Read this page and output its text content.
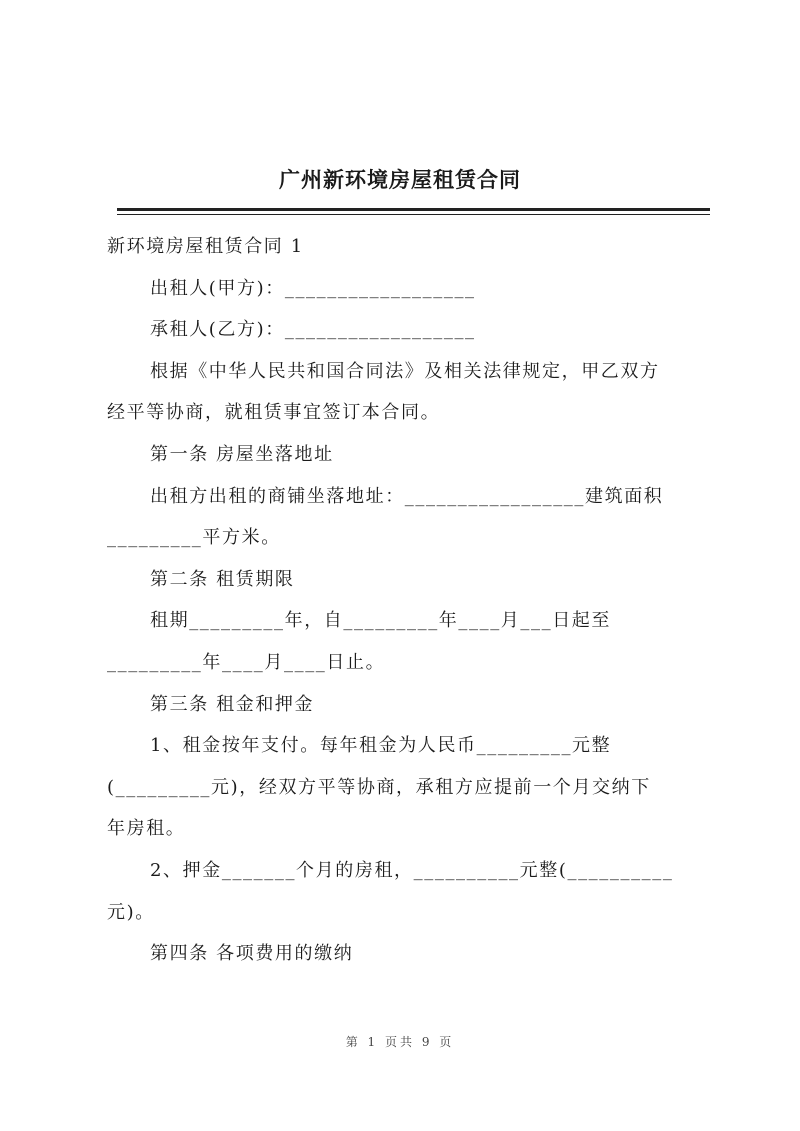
广州新环境房屋租赁合同
新环境房屋租赁合同 1
出租人(甲方)：__________________
承租人(乙方)：__________________
根据《中华人民共和国合同法》及相关法律规定，甲乙双方
经平等协商，就租赁事宜签订本合同。
第一条 房屋坐落地址
出租方出租的商铺坐落地址：_________________建筑面积
_________平方米。
第二条 租赁期限
租期_________年，自_________年____月___日起至
_________年____月____日止。
第三条 租金和押金
1、租金按年支付。每年租金为人民币_________元整
(_________元)，经双方平等协商，承租方应提前一个月交纳下
年房租。
2、押金_______个月的房租，__________元整(__________
元)。
第四条 各项费用的缴纳
第 1 页共 9 页
